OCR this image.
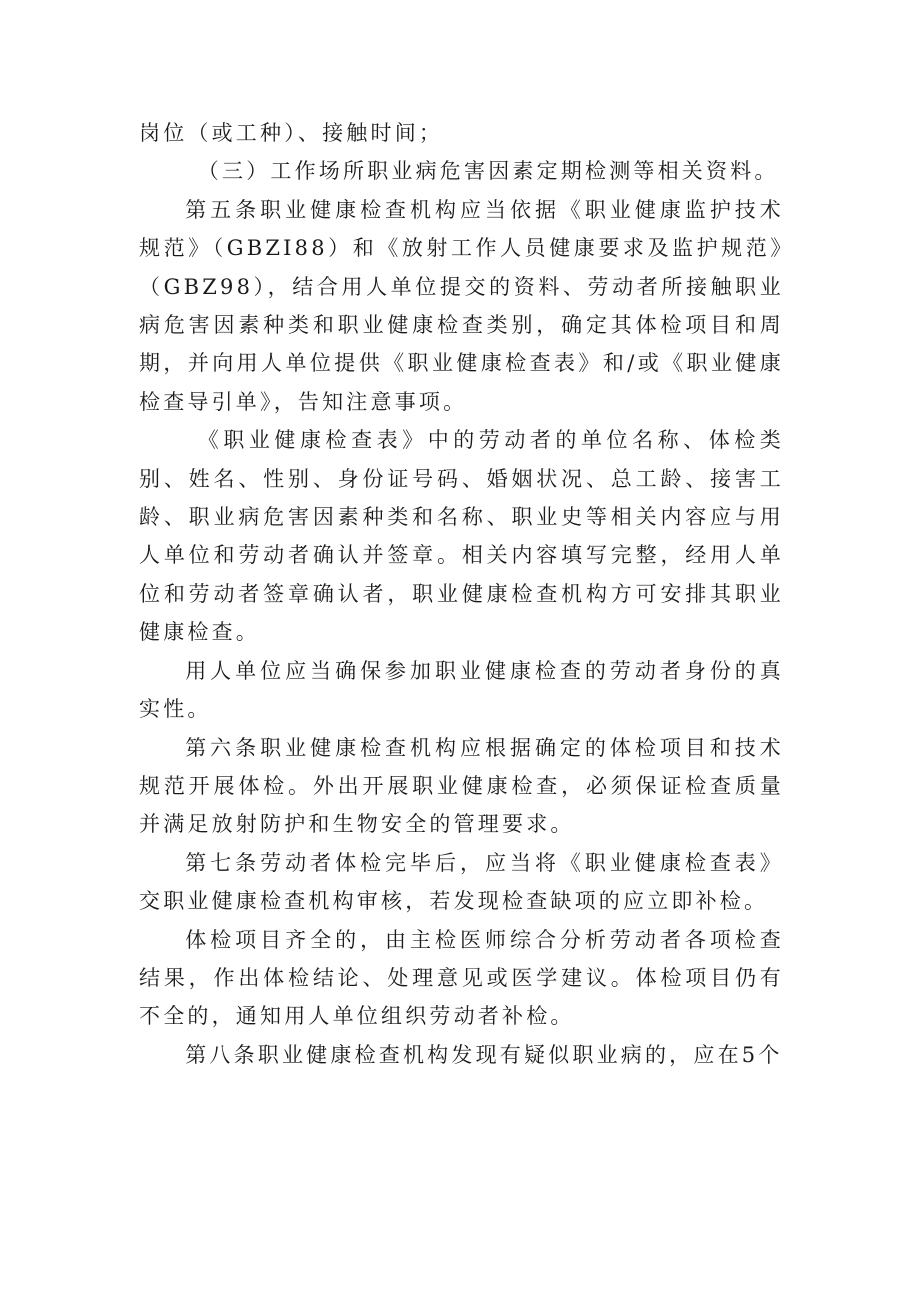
岗位（或工种）、接触时间；

（三）工作场所职业病危害因素定期检测等相关资料。

第五条职业健康检查机构应当依据《职业健康监护技术规范》（GBZI88）和《放射工作人员健康要求及监护规范》（GBZ98），结合用人单位提交的资料、劳动者所接触职业病危害因素种类和职业健康检查类别，确定其体检项目和周期，并向用人单位提供《职业健康检查表》和/或《职业健康检查导引单》，告知注意事项。

《职业健康检查表》中的劳动者的单位名称、体检类别、姓名、性别、身份证号码、婚姻状况、总工龄、接害工龄、职业病危害因素种类和名称、职业史等相关内容应与用人单位和劳动者确认并签章。相关内容填写完整，经用人单位和劳动者签章确认者，职业健康检查机构方可安排其职业健康检查。

用人单位应当确保参加职业健康检查的劳动者身份的真实性。

第六条职业健康检查机构应根据确定的体检项目和技术规范开展体检。外出开展职业健康检查，必须保证检查质量并满足放射防护和生物安全的管理要求。

第七条劳动者体检完毕后，应当将《职业健康检查表》交职业健康检查机构审核，若发现检查缺项的应立即补检。

体检项目齐全的，由主检医师综合分析劳动者各项检查结果，作出体检结论、处理意见或医学建议。体检项目仍有不全的，通知用人单位组织劳动者补检。

第八条职业健康检查机构发现有疑似职业病的，应在5个
